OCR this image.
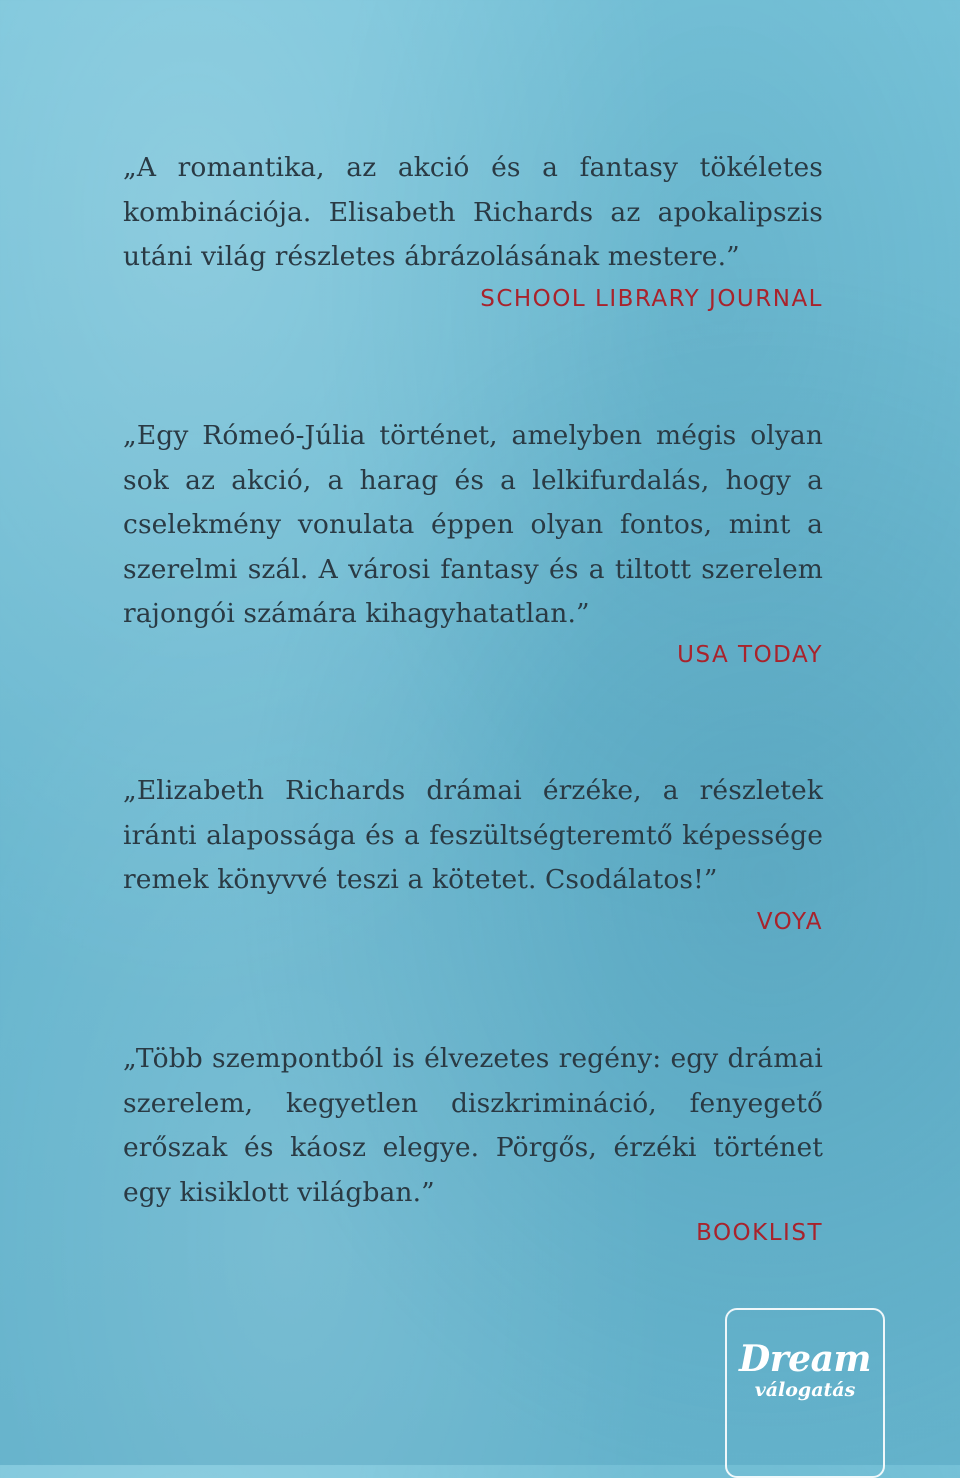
„A romantika, az akció és a fantasy tökéletes kombinációja. Elisabeth Richards az apokalipszis utáni világ részletes ábrázolásának mestere.”

SCHOOL LIBRARY JOURNAL

„Egy Rómeó-Júlia történet, amelyben mégis olyan sok az akció, a harag és a lelkifurdalás, hogy a cselekmény vonulata éppen olyan fontos, mint a szerelmi szál. A városi fantasy és a tiltott szerelem rajongói számára kihagyhatatlan.”

USA TODAY

„Elizabeth Richards drámai érzéke, a részletek iránti alapossága és a feszültségteremtő képessége remek könyvvé teszi a kötetet. Csodálatos!”

VOYA

„Több szempontból is élvezetes regény: egy drámai szerelem, kegyetlen diszkrimináció, fenyegető erőszak és káosz elegye. Pörgős, érzéki történet egy kisiklott világban.”

BOOKLIST

Dream
válogatás
